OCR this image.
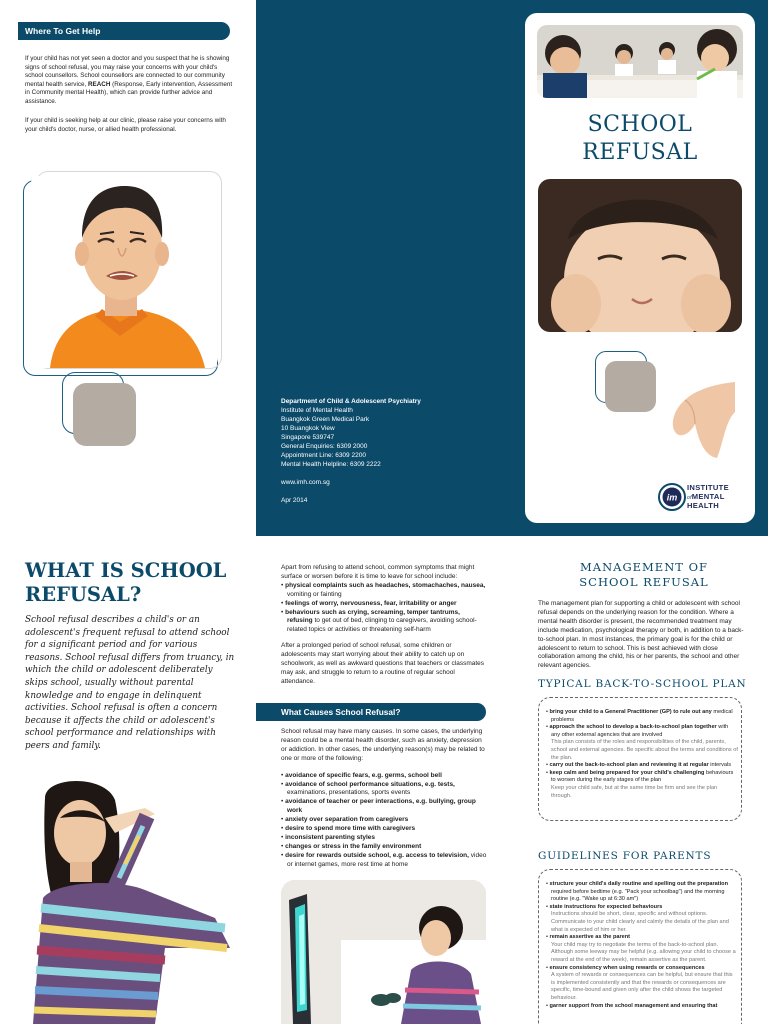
Where To Get Help
If your child has not yet seen a doctor and you suspect that he is showing signs of school refusal, you may raise your concerns with your child's school counsellors. School counsellors are connected to our community mental health service, REACH (Response, Early intervention, Assessment in Community mental Health), which can provide further advice and assistance.
If your child is seeking help at our clinic, please raise your concerns with your child's doctor, nurse, or allied health professional.
Department of Child & Adolescent Psychiatry
Institute of Mental Health
Buangkok Green Medical Park
10 Buangkok View
Singapore 539747
General Enquiries: 6309 2000
Appointment Line: 6309 2200
Mental Health Helpline: 6309 2222
www.imh.com.sg
Apr 2014
SCHOOL
REFUSAL
im
INSTITUTE
ofMENTAL
HEALTH
WHAT IS SCHOOL
REFUSAL?
School refusal describes a child's or an adolescent's frequent refusal to attend school for a significant period and for various reasons. School refusal differs from truancy, in which the child or adolescent deliberately skips school, usually without parental knowledge and to engage in delinquent activities. School refusal is often a concern because it affects the child or adolescent's school performance and relationships with peers and family.
Apart from refusing to attend school, common symptoms that might surface or worsen before it is time to leave for school include:
• physical complaints such as headaches, stomachaches, nausea, vomiting or fainting
• feelings of worry, nervousness, fear, irritability or anger
• behaviours such as crying, screaming, temper tantrums, refusing to get out of bed, clinging to caregivers, avoiding school-related topics or activities or threatening self-harm
After a prolonged period of school refusal, some children or adolescents may start worrying about their ability to catch up on schoolwork, as well as awkward questions that teachers or classmates may ask, and struggle to return to a routine of regular school attendance.
What Causes School Refusal?
School refusal may have many causes. In some cases, the underlying reason could be a mental health disorder, such as anxiety, depression or addiction. In other cases, the underlying reason(s) may be related to one or more of the following:
• avoidance of specific fears, e.g. germs, school bell
• avoidance of school performance situations, e.g. tests, examinations, presentations, sports events
• avoidance of teacher or peer interactions, e.g. bullying, group work
• anxiety over separation from caregivers
• desire to spend more time with caregivers
• inconsistent parenting styles
• changes or stress in the family environment
• desire for rewards outside school, e.g. access to television, video or internet games, more rest time at home
MANAGEMENT OF
SCHOOL REFUSAL
The management plan for supporting a child or adolescent with school refusal depends on the underlying reason for the condition. Where a mental health disorder is present, the recommended treatment may include medication, psychological therapy or both, in addition to a back-to-school plan. In most instances, the primary goal is for the child or adolescent to return to school. This is best achieved with close collaboration among the child, his or her parents, the school and other relevant agencies.
TYPICAL BACK-TO-SCHOOL PLAN
• bring your child to a General Practitioner (GP) to rule out any medical problems
• approach the school to develop a back-to-school plan together with any other external agencies that are involved
This plan consists of the roles and responsibilities of the child, parents, school and external agencies. Be specific about the terms and conditions of the plan.
• carry out the back-to-school plan and reviewing it at regular intervals
• keep calm and being prepared for your child's challenging behaviours to worsen during the early stages of the plan
Keep your child safe, but at the same time be firm and see the plan through.
GUIDELINES FOR PARENTS
• structure your child's daily routine and spelling out the preparation required before bedtime (e.g. "Pack your schoolbag") and the morning routine (e.g. "Wake up at 6:30 am")
• state instructions for expected behaviours
Instructions should be short, clear, specific and without options. Communicate to your child clearly and calmly the details of the plan and what is expected of him or her.
• remain assertive as the parent
Your child may try to negotiate the terms of the back-to-school plan. Although some leeway may be helpful (e.g. allowing your child to choose a reward at the end of the week), remain assertive as the parent.
• ensure consistency when using rewards or consequences
A system of rewards or consequences can be helpful, but ensure that this is implemented consistently and that the rewards or consequences are specific, time-bound and given only after the child shows the targeted behaviour.
• garner support from the school management and ensuring that
